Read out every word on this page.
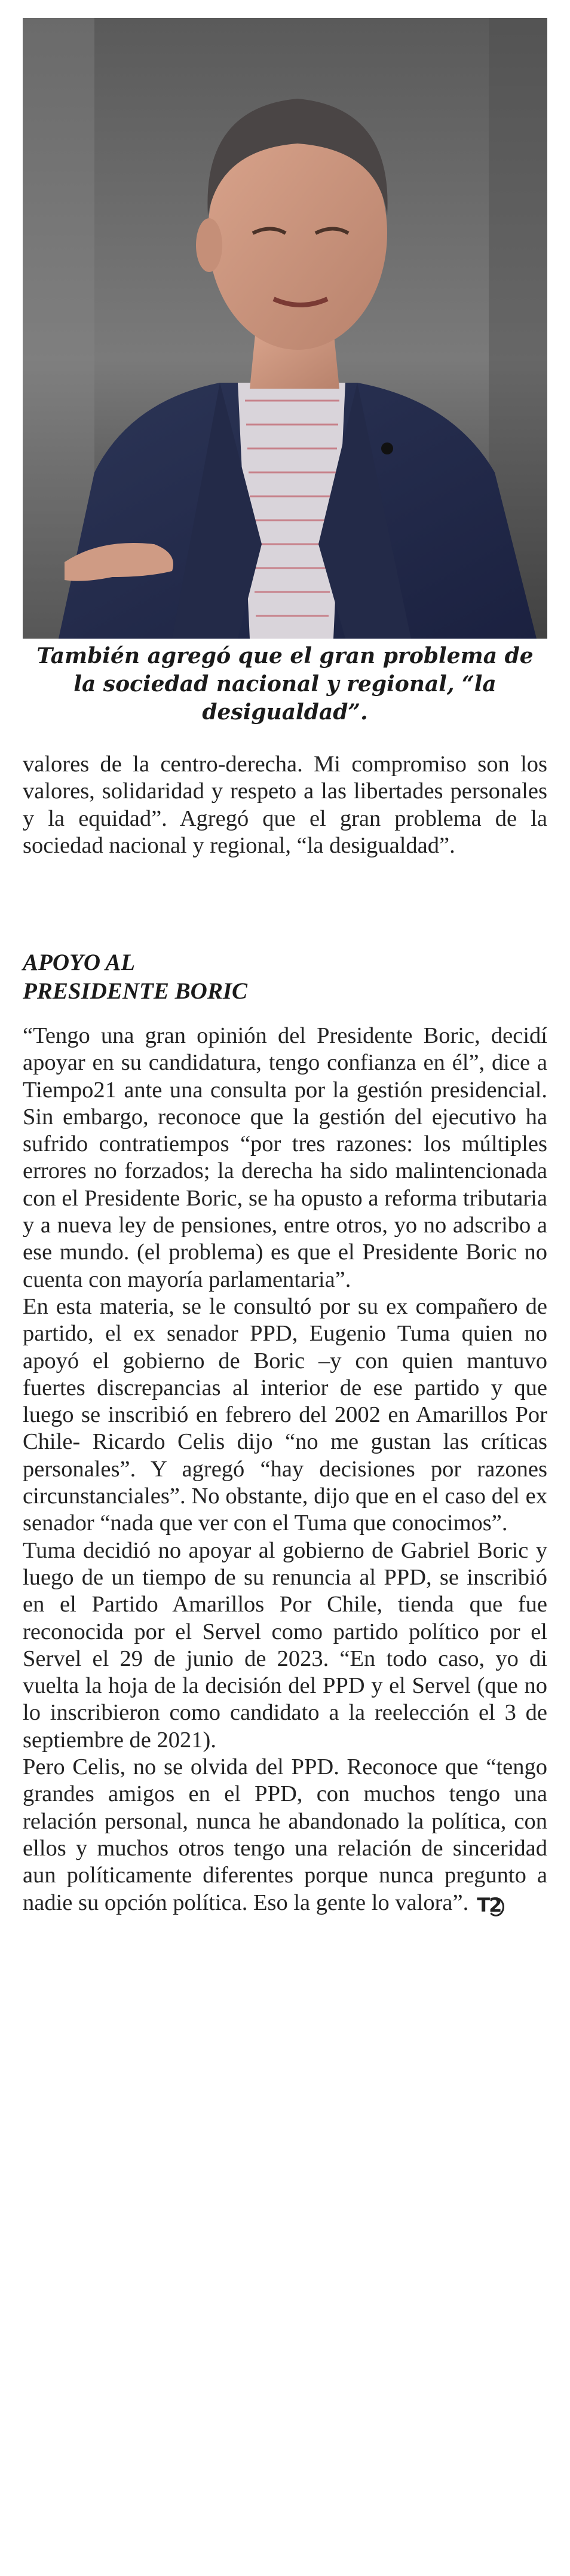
También agregó que el gran problema de la sociedad nacional y regional, “la desigualdad”.

valores de la centro-derecha. Mi compromiso son los valores, solidaridad y respeto a las libertades personales y la equidad”. Agregó que el gran problema de la sociedad nacional y regional, “la desigualdad”.

APOYO AL
PRESIDENTE BORIC

“Tengo una gran opinión del Presidente Boric, decidí apoyar en su candidatura, tengo confianza en él”, dice a Tiempo21 ante una consulta por la gestión presidencial. Sin embargo, reconoce que la gestión del ejecutivo ha sufrido contratiempos “por tres razones: los múltiples errores no forzados; la derecha ha sido malintencionada con el Presidente Boric, se ha opusto a reforma tributaria y a nueva ley de pensiones, entre otros, yo no adscribo a ese mundo. (el problema) es que el Presidente Boric no cuenta con mayoría parlamentaria”.

En esta materia, se le consultó por su ex compañero de partido, el ex senador PPD, Eugenio Tuma quien no apoyó el gobierno de Boric –y con quien mantuvo fuertes discrepancias al interior de ese partido y que luego se inscribió en febrero del 2002 en Amarillos Por Chile- Ricardo Celis dijo “no me gustan las críticas personales”. Y agregó “hay decisiones por razones circunstanciales”. No obstante, dijo que en el caso del ex senador “nada que ver con el Tuma que conocimos”.

Tuma decidió no apoyar al gobierno de Gabriel Boric y luego de un tiempo de su renuncia al PPD, se inscribió en el Partido Amarillos Por Chile, tienda que fue reconocida por el Servel como partido político por el Servel el 29 de junio de 2023. “En todo caso, yo di vuelta la hoja de la decisión del PPD y el Servel (que no lo inscribieron como candidato a la reelección el 3 de septiembre de 2021).

Pero Celis, no se olvida del PPD. Reconoce que “tengo grandes amigos en el PPD, con muchos tengo una relación personal, nunca he abandonado la política, con ellos y muchos otros tengo una relación de sinceridad aun políticamente diferentes porque nunca pregunto a nadie su opción política. Eso la gente lo valora”. T2
